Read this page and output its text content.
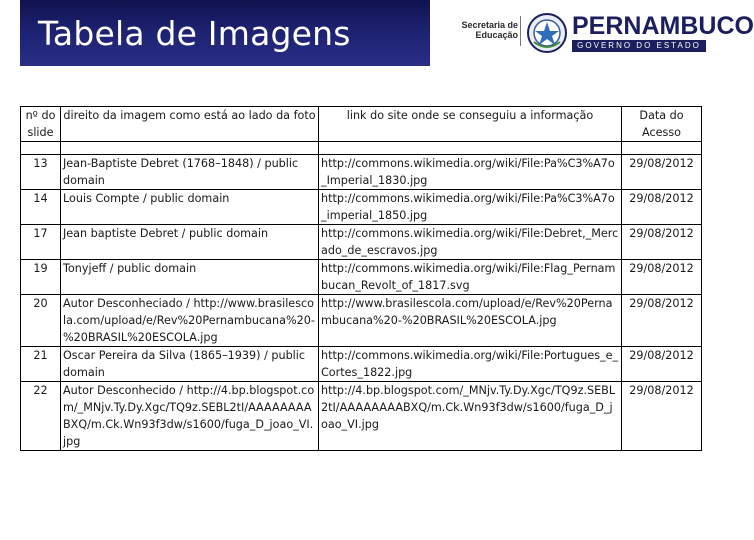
Tabela de Imagens	Secretaria de
Educação PERNAMBUCO
GOVERNO DO ESTADO
nº do slide	direito da imagem como está ao lado da foto	link do site onde se conseguiu a informação	Data do Acesso

13	Jean-Baptiste Debret (1768–1848) / public domain	http://commons.wikimedia.org/wiki/File:Pa%C3%A7o_Imperial_1830.jpg	29/08/2012
14	Louis Compte / public domain	http://commons.wikimedia.org/wiki/File:Pa%C3%A7o_imperial_1850.jpg	29/08/2012
17	Jean baptiste Debret / public domain	http://commons.wikimedia.org/wiki/File:Debret,_Mercado_de_escravos.jpg	29/08/2012
19	Tonyjeff / public domain	http://commons.wikimedia.org/wiki/File:Flag_Pernambucan_Revolt_of_1817.svg	29/08/2012
20	Autor Desconheciado / http://www.brasilescola.com/upload/e/Rev%20Pernambucana%20-%20BRASIL%20ESCOLA.jpg	http://www.brasilescola.com/upload/e/Rev%20Pernambucana%20-%20BRASIL%20ESCOLA.jpg	29/08/2012
21	Oscar Pereira da Silva (1865–1939) / public domain	http://commons.wikimedia.org/wiki/File:Portugues_e_Cortes_1822.jpg	29/08/2012
22	Autor Desconhecido / http://4.bp.blogspot.com/_MNjv.Ty.Dy.Xgc/TQ9z.SEBL2tI/AAAAAAAABXQ/m.Ck.Wn93f3dw/s1600/fuga_D_joao_VI.jpg	http://4.bp.blogspot.com/_MNjv.Ty.Dy.Xgc/TQ9z.SEBL2tI/AAAAAAAABXQ/m.Ck.Wn93f3dw/s1600/fuga_D_joao_VI.jpg	29/08/2012
